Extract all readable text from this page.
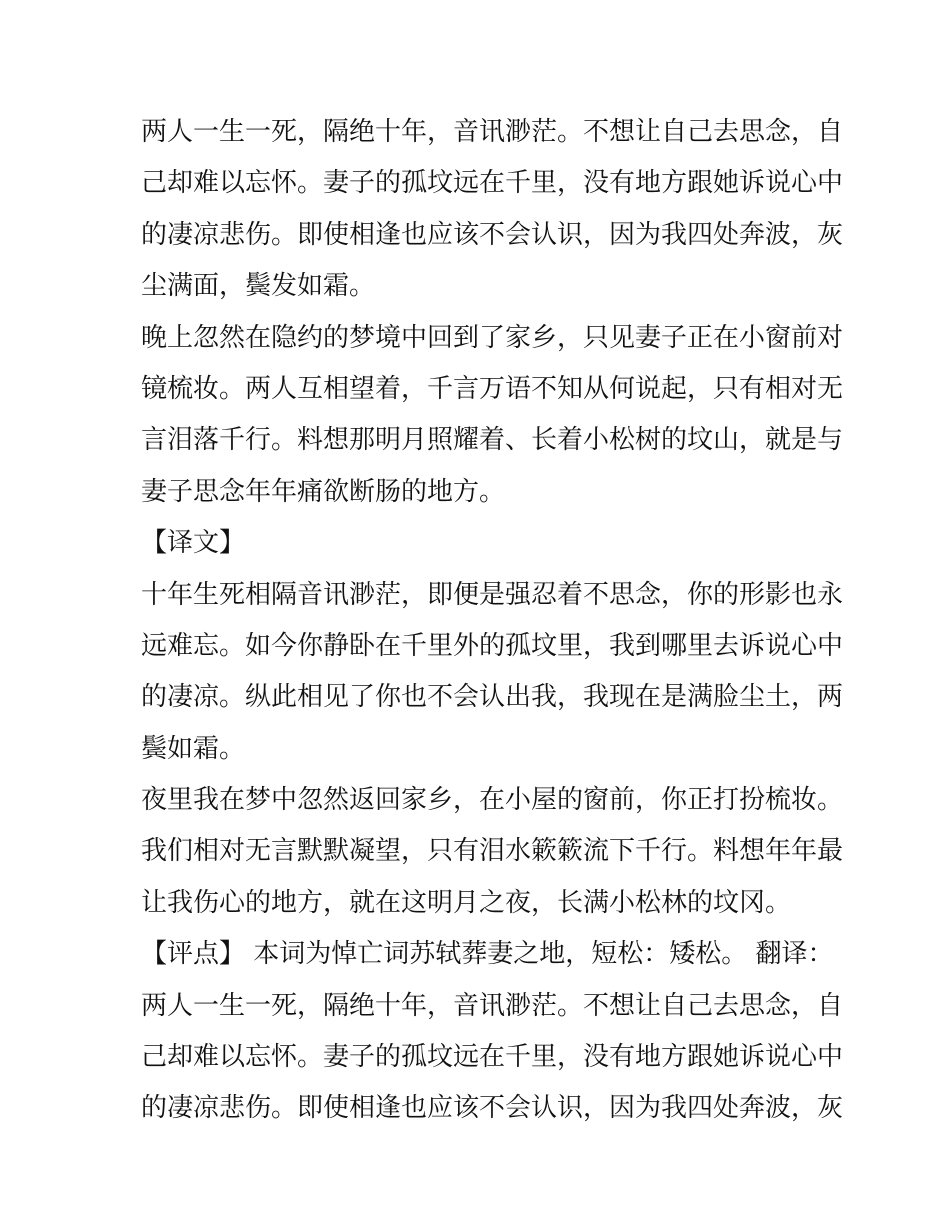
两人一生一死，隔绝十年，音讯渺茫。不想让自己去思念，自
己却难以忘怀。妻子的孤坟远在千里，没有地方跟她诉说心中
的凄凉悲伤。即使相逢也应该不会认识，因为我四处奔波，灰
尘满面，鬓发如霜。
晚上忽然在隐约的梦境中回到了家乡，只见妻子正在小窗前对
镜梳妆。两人互相望着，千言万语不知从何说起，只有相对无
言泪落千行。料想那明月照耀着、长着小松树的坟山，就是与
妻子思念年年痛欲断肠的地方。
【译文】
十年生死相隔音讯渺茫，即便是强忍着不思念，你的形影也永
远难忘。如今你静卧在千里外的孤坟里，我到哪里去诉说心中
的凄凉。纵此相见了你也不会认出我，我现在是满脸尘土，两
鬓如霜。
夜里我在梦中忽然返回家乡，在小屋的窗前，你正打扮梳妆。
我们相对无言默默凝望，只有泪水簌簌流下千行。料想年年最
让我伤心的地方，就在这明月之夜，长满小松林的坟冈。
【评点】 本词为悼亡词苏轼葬妻之地，短松：矮松。 翻译：
两人一生一死，隔绝十年，音讯渺茫。不想让自己去思念，自
己却难以忘怀。妻子的孤坟远在千里，没有地方跟她诉说心中
的凄凉悲伤。即使相逢也应该不会认识，因为我四处奔波，灰
